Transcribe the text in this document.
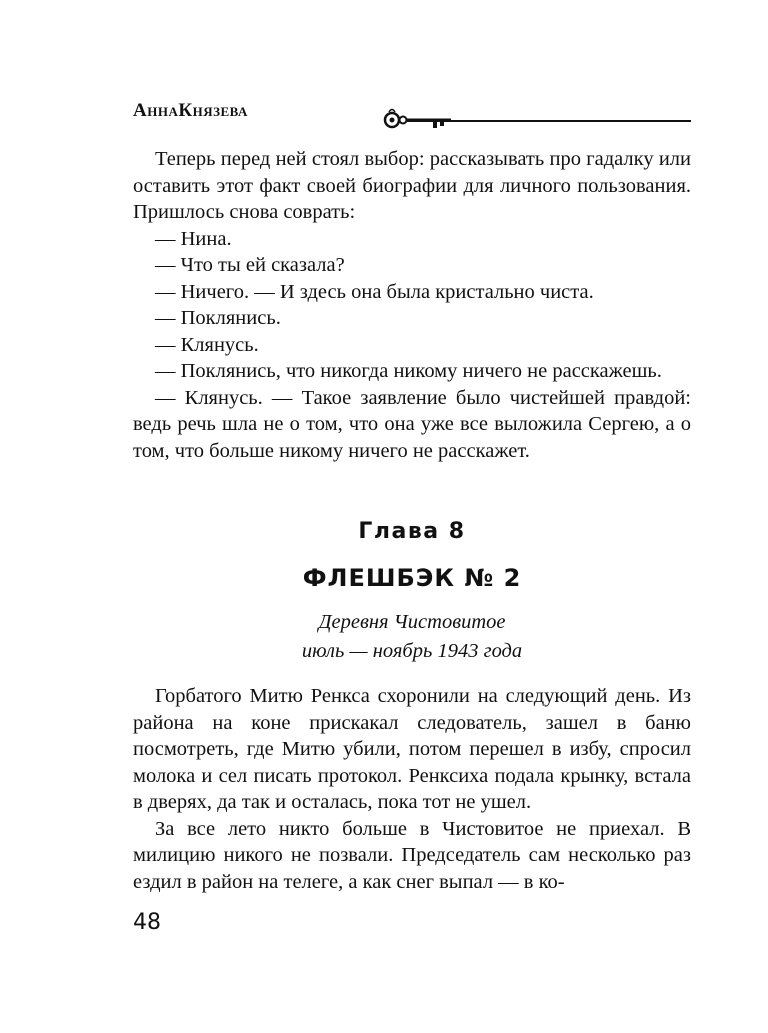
АннаКнязева

Теперь перед ней стоял выбор: рассказывать про гадалку или оставить этот факт своей биографии для личного пользования. Пришлось снова соврать:

— Нина.

— Что ты ей сказала?

— Ничего. — И здесь она была кристально чиста.

— Поклянись.

— Клянусь.

— Поклянись, что никогда никому ничего не расскажешь.

— Клянусь. — Такое заявление было чистейшей правдой: ведь речь шла не о том, что она уже все выложила Сергею, а о том, что больше никому ничего не расскажет.

Глава 8
ФЛЕШБЭК № 2
Деревня Чистовитое
июль — ноябрь 1943 года

Горбатого Митю Ренкса схоронили на следующий день. Из района на коне прискакал следователь, зашел в баню посмотреть, где Митю убили, потом перешел в избу, спросил молока и сел писать протокол. Ренксиха подала крынку, встала в дверях, да так и осталась, пока тот не ушел.

За все лето никто больше в Чистовитое не приехал. В милицию никого не позвали. Председатель сам несколько раз ездил в район на телеге, а как снег выпал — в ко-

48
